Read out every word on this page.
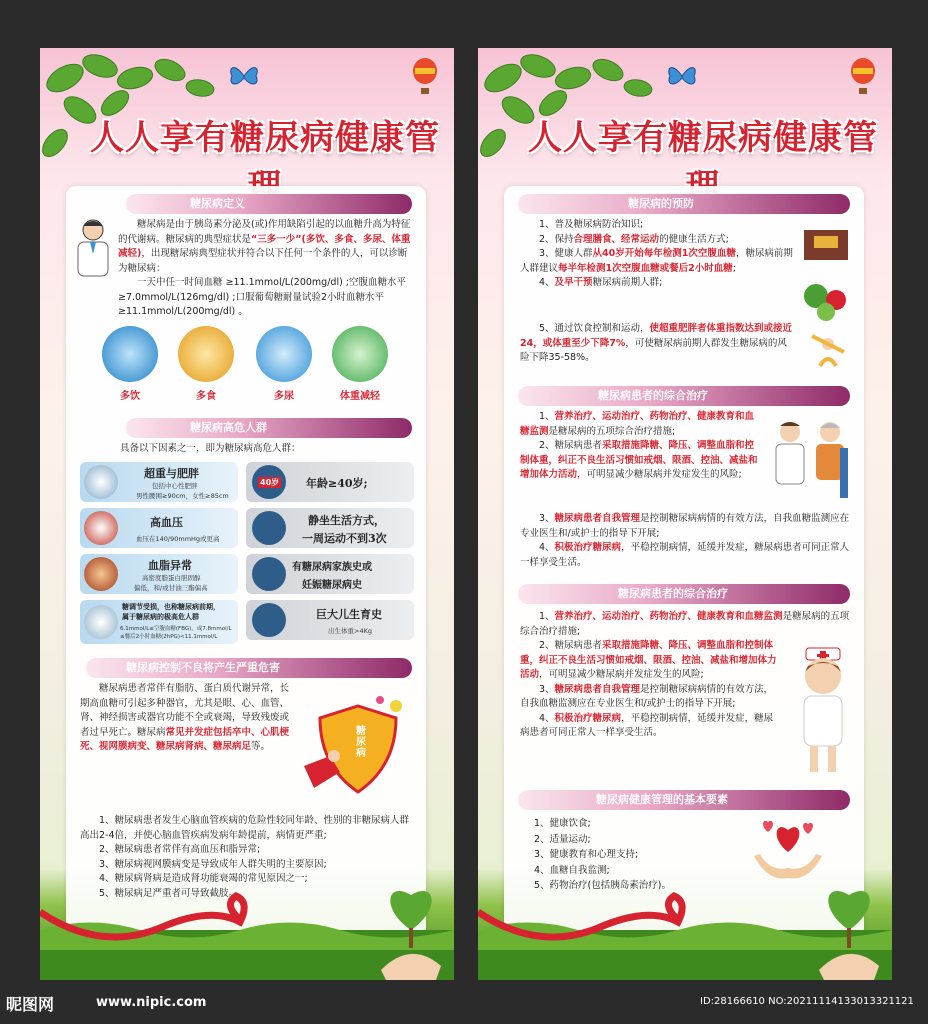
人人享有糖尿病健康管
糖尿病定义

糖尿病是由于胰岛素分泌及(或)作用缺陷引起的以血糖升高为特征的代谢病。糖尿病的典型症状是“三多一少”(多饮、多食、多尿、体重减轻)，出现糖尿病典型症状并符合以下任何一个条件的人，可以诊断为糖尿病：

一天中任一时间血糖 ≥11.1mmol/L(200mg/dl) ;空腹血糖水平 ≥7.0mmol/L(126mg/dl) ;口服葡萄糖耐量试验2小时血糖水平 ≥11.1mmol/L(200mg/dl) 。

多饮	多食	多尿	体重减轻
糖尿病高危人群
具备以下因素之一，即为糖尿病高危人群：
超重与肥胖
包括中心性肥胖
男性腰围≥90cm，女性≥85cm
40岁 年龄≥40岁;
高血压
血压在140/90mmHg或更高
静坐生活方式，
一周运动不到3次
血脂异常
高密度脂蛋白胆固醇
偏低，和/或甘油三酯偏高
有糖尿病家族史或
妊娠糖尿病史
糖调节受损，也称糖尿病前期，
属于糖尿病的极高危人群
6.1mmol/L≤空腹血糖(FBG)，或7.8mmol/L
≤餐后2小时血糖(2hPG)<11.1mmol/L
巨大儿生育史
出生体重>4Kg
糖尿病控制不良将产生严重危害

糖尿病患者常伴有脂肪、蛋白质代谢异常，长期高血糖可引起多种器官，尤其是眼、心、血管、肾、神经损害或器官功能不全或衰竭，导致残废或者过早死亡。糖尿病常见并发症包括卒中、心肌梗死、视网膜病变、糖尿病肾病、糖尿病足等。

糖尿病

1、糖尿病患者发生心脑血管疾病的危险性较同年龄、性别的非糖尿病人群高出2-4倍，并使心脑血管疾病发病年龄提前，病情更严重;

2、糖尿病患者常伴有高血压和脂异常;

3、糖尿病视网膜病变是导致成年人群失明的主要原因;

4、糖尿病肾病是造成肾功能衰竭的常见原因之一;

5、糖尿病足严重者可导致截肢。

人人享有糖尿病健康管
糖尿病的预防

1、普及糖尿病防治知识;

2、保持合理膳食、经常运动的健康生活方式;

3、健康人群从40岁开始每年检测1次空腹血糖，糖尿病前期人群建议每半年检测1次空腹血糖或餐后2小时血糖;

4、及早干预糖尿病前期人群;

5、通过饮食控制和运动，使超重肥胖者体重指数达到或接近24，或体重至少下降7%，可使糖尿病前期人群发生糖尿病的风险下降35-58%。

糖尿病患者的综合治疗

1、营养治疗、运动治疗、药物治疗、健康教育和血糖监测是糖尿病的五项综合治疗措施;

2、糖尿病患者采取措施降糖、降压、调整血脂和控制体重，纠正不良生活习惯如戒烟、限酒、控油、减盐和增加体力活动，可明显减少糖尿病并发症发生的风险;

3、糖尿病患者自我管理是控制糖尿病病情的有效方法，自我血糖监测应在专业医生和/或护士的指导下开展;

4、积极治疗糖尿病，平稳控制病情，延缓并发症，糖尿病患者可同正常人一样享受生活。

糖尿病患者的综合治疗

1、营养治疗、运动治疗、药物治疗、健康教育和血糖监测是糖尿病的五项综合治疗措施;

2、糖尿病患者采取措施降糖、降压、调整血脂和控制体重，纠正不良生活习惯如戒烟、限酒、控油、减盐和增加体力活动，可明显减少糖尿病并发症发生的风险;

3、糖尿病患者自我管理是控制糖尿病病情的有效方法，自我血糖监测应在专业医生和/或护士的指导下开展;

4、积极治疗糖尿病，平稳控制病情，延缓并发症，糖尿病患者可同正常人一样享受生活。

糖尿病健康管理的基本要素

1、健康饮食;

2、适量运动;

3、健康教育和心理支持;

4、血糖自我监测;

5、药物治疗(包括胰岛素治疗)。

昵图网	www.nipic.com	ID:28166610 NO:20211114133013321121
